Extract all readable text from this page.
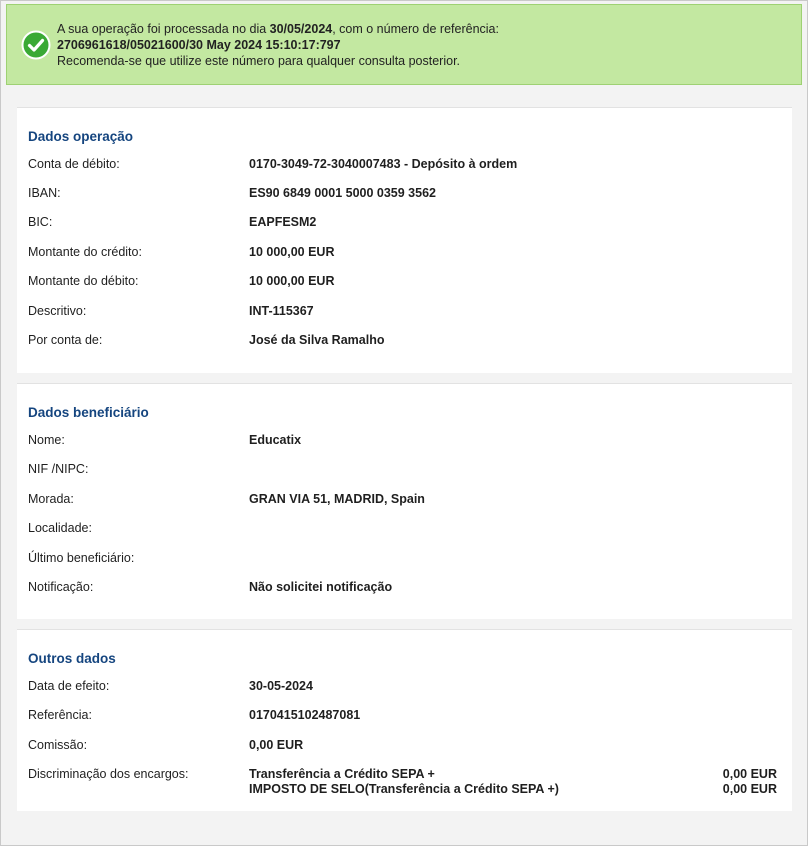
A sua operação foi processada no dia 30/05/2024, com o número de referência:
2706961618/05021600/30 May 2024 15:10:17:797
Recomenda-se que utilize este número para qualquer consulta posterior.
Dados operação
Conta de débito:	0170-3049-72-3040007483 - Depósito à ordem
IBAN:	ES90 6849 0001 5000 0359 3562
BIC:	EAPFESM2
Montante do crédito:	10 000,00 EUR
Montante do débito:	10 000,00 EUR
Descritivo:	INT-115367
Por conta de:	José da Silva Ramalho
Dados beneficiário
Nome:	Educatix
NIF /NIPC:
Morada:	GRAN VIA 51, MADRID, Spain
Localidade:
Último beneficiário:
Notificação:	Não solicitei notificação
Outros dados
Data de efeito:	30-05-2024
Referência:	0170415102487081
Comissão:	0,00 EUR
Discriminação dos encargos:	Transferência a Crédito SEPA +	0,00 EUR
IMPOSTO DE SELO(Transferência a Crédito SEPA +)	0,00 EUR
